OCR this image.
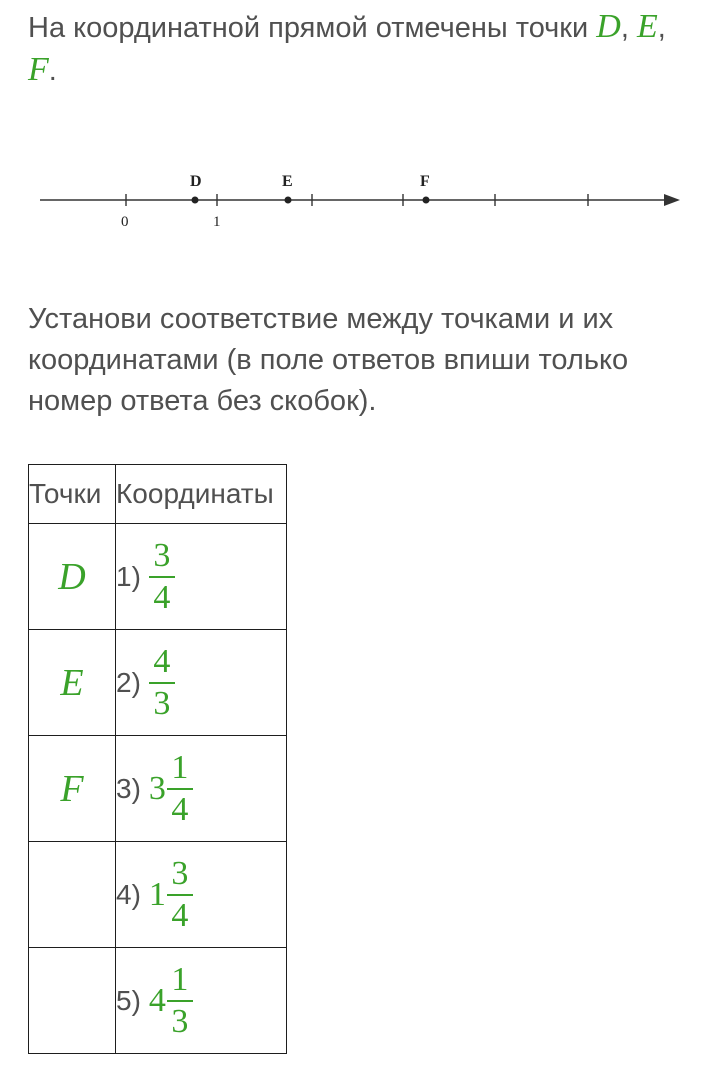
На координатной прямой отмечены точки D, E,
F.
D	E	F
0	1
Установи соответствие между точками и их координатами (в поле ответов впиши только номер ответа без скобок).
Точки	Координаты
D	$1) \frac{3}{4}$

E	$2) \frac{4}{3}$

F	3) $3 \frac{1}{4}$

	4) $1 \frac{3}{4}$

	5) $4 \frac{1}{3}$
